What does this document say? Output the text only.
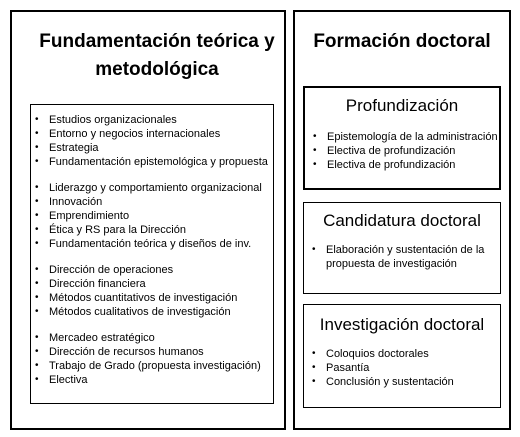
Fundamentación teórica y
metodológica
• Estudios organizacionales
• Entorno y negocios internacionales
• Estrategia
• Fundamentación epistemológica y propuesta
• Liderazgo y comportamiento organizacional
• Innovación
• Emprendimiento
• Ética y RS para la Dirección
• Fundamentación teórica y diseños de inv.
• Dirección de operaciones
• Dirección financiera
• Métodos cuantitativos de investigación
• Métodos cualitativos de investigación
• Mercadeo estratégico
• Dirección de recursos humanos
• Trabajo de Grado (propuesta investigación)
• Electiva
Formación doctoral
Profundización
• Epistemología de la administración
• Electiva de profundización
• Electiva de profundización
Candidatura doctoral
• Elaboración y sustentación de la propuesta de investigación
Investigación doctoral
• Coloquios doctorales
• Pasantía
• Conclusión y sustentación
